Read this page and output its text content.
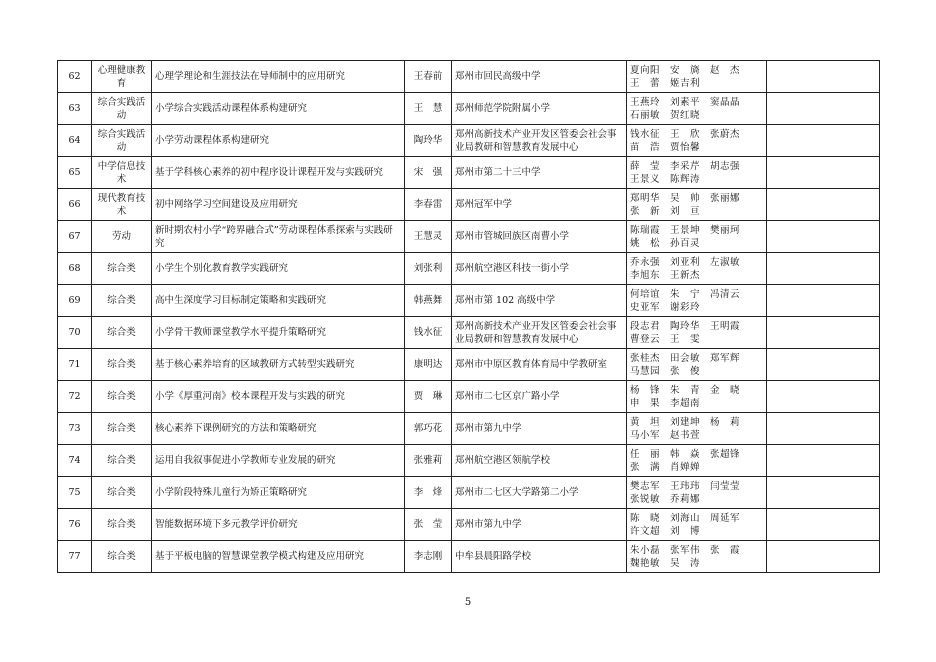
62	心理健康教育	心理学理论和生涯技法在导师制中的应用研究	王春前	郑州市回民高级中学	夏向阳　安　旖　赵　杰
王　蕾　姬吉利	

63	综合实践活动	小学综合实践活动课程体系构建研究	王　慧	郑州师范学院附属小学	王燕玲　刘素平　窦晶晶
石丽敏　贺红晓	

64	综合实践活动	小学劳动课程体系构建研究	陶玲华	郑州高新技术产业开发区管委会社会事业局教研和智慧教育发展中心	钱水征　王　欣　张蔚杰
苗　浩　贾怡馨	

65	中学信息技术	基于学科核心素养的初中程序设计课程开发与实践研究	宋　强	郑州市第二十三中学	薛　莹　李采芹　胡志强
王景义　陈辉涛	

66	现代教育技术	初中网络学习空间建设及应用研究	李春雷	郑州冠军中学	郑明华　吴　帅　张丽娜
张　新　刘　亘	

67	劳动	新时期农村小学“跨界融合式”劳动课程体系探索与实践研究	王慧灵	郑州市管城回族区南曹小学	陈瑞霞　王景坤　樊丽珂
姚　松　孙百灵	

68	综合类	小学生个别化教育教学实践研究	刘张利	郑州航空港区科技一街小学	乔永强　刘亚利　左淑敏
李旭东　王新杰	

69	综合类	高中生深度学习目标制定策略和实践研究	韩燕舞	郑州市第 102 高级中学	何培谊　朱　宁　冯清云
史亚军　谢彩玲	

70	综合类	小学骨干教师课堂教学水平提升策略研究	钱水征	郑州高新技术产业开发区管委会社会事业局教研和智慧教育发展中心	段志君　陶玲华　王明霞
曹登云　王　雯	

71	综合类	基于核心素养培育的区域教研方式转型实践研究	康明达	郑州市中原区教育体育局中学教研室	张桂杰　田会敏　郑军辉
马慧园　张　俊	

72	综合类	小学《厚重河南》校本课程开发与实践的研究	贾　琳	郑州市二七区京广路小学	杨　锋　朱　青　金　晓
申　果　李超南	

73	综合类	核心素养下课例研究的方法和策略研究	郭巧花	郑州市第九中学	黄　坦　刘建坤　杨　莉
马小军　赵书萱	

74	综合类	运用自我叙事促进小学教师专业发展的研究	张雅莉	郑州航空港区领航学校	任　丽　韩　焱　张超锋
张　满　肖婵婵	

75	综合类	小学阶段特殊儿童行为矫正策略研究	李　烽	郑州市二七区大学路第二小学	樊志军　王玮玮　闫莹莹
张锐敏　乔莉娜	

76	综合类	智能数据环境下多元教学评价研究	张　莹	郑州市第九中学	陈　晓　刘海山　周延军
许文超　刘　博	

77	综合类	基于平板电脑的智慧课堂教学模式构建及应用研究	李志刚	中牟县晨阳路学校	朱小磊　张军伟　张　霞
魏艳敏　吴　涛	

5
